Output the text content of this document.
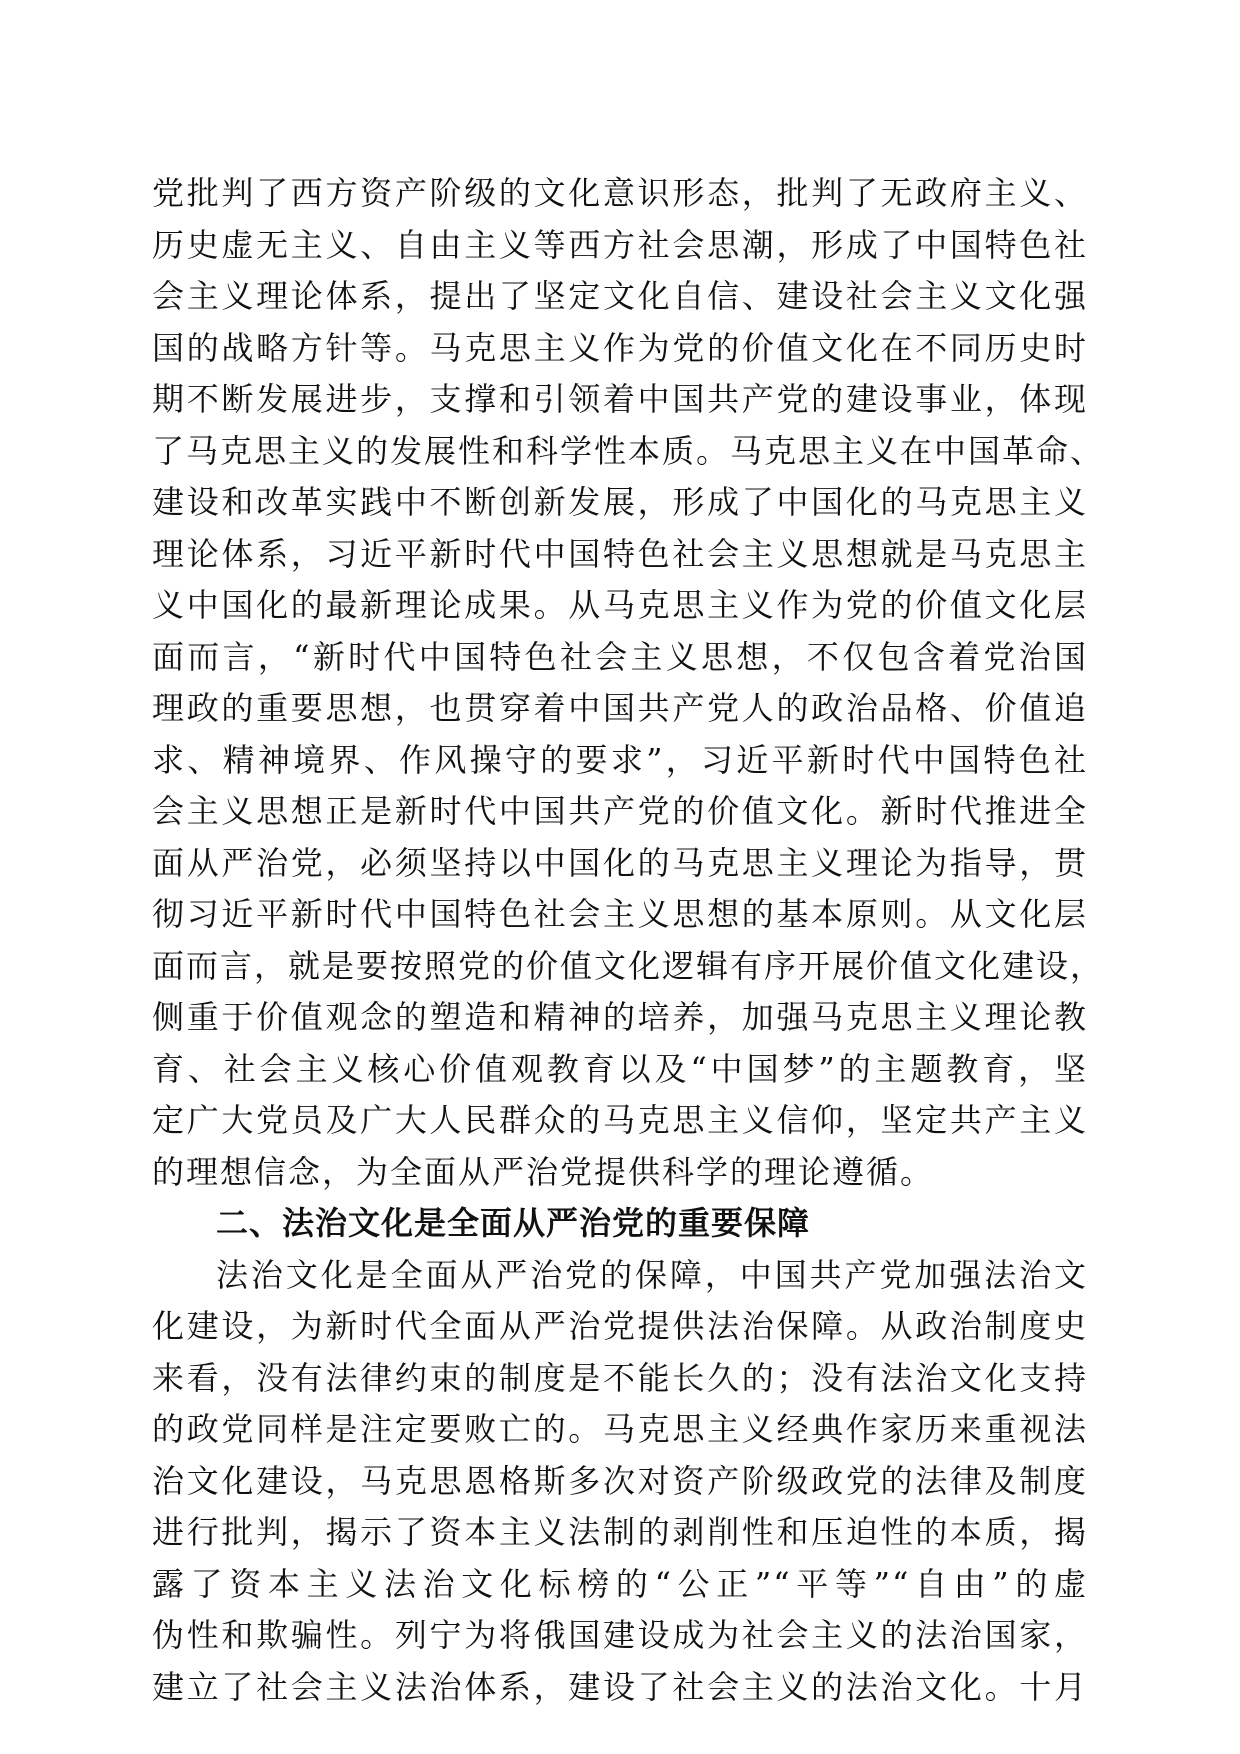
党批判了西方资产阶级的文化意识形态，批判了无政府主义、
历史虚无主义、自由主义等西方社会思潮，形成了中国特色社
会主义理论体系，提出了坚定文化自信、建设社会主义文化强
国的战略方针等。马克思主义作为党的价值文化在不同历史时
期不断发展进步，支撑和引领着中国共产党的建设事业，体现
了马克思主义的发展性和科学性本质。马克思主义在中国革命、
建设和改革实践中不断创新发展，形成了中国化的马克思主义
理论体系，习近平新时代中国特色社会主义思想就是马克思主
义中国化的最新理论成果。从马克思主义作为党的价值文化层
面而言，“新时代中国特色社会主义思想，不仅包含着党治国
理政的重要思想，也贯穿着中国共产党人的政治品格、价值追
求、精神境界、作风操守的要求”，习近平新时代中国特色社
会主义思想正是新时代中国共产党的价值文化。新时代推进全
面从严治党，必须坚持以中国化的马克思主义理论为指导，贯
彻习近平新时代中国特色社会主义思想的基本原则。从文化层
面而言，就是要按照党的价值文化逻辑有序开展价值文化建设，
侧重于价值观念的塑造和精神的培养，加强马克思主义理论教
育、社会主义核心价值观教育以及“中国梦”的主题教育，坚
定广大党员及广大人民群众的马克思主义信仰，坚定共产主义
的理想信念，为全面从严治党提供科学的理论遵循。
二、法治文化是全面从严治党的重要保障
法治文化是全面从严治党的保障，中国共产党加强法治文
化建设，为新时代全面从严治党提供法治保障。从政治制度史
来看，没有法律约束的制度是不能长久的；没有法治文化支持
的政党同样是注定要败亡的。马克思主义经典作家历来重视法
治文化建设，马克思恩格斯多次对资产阶级政党的法律及制度
进行批判，揭示了资本主义法制的剥削性和压迫性的本质，揭
露了资本主义法治文化标榜的“公正”“平等”“自由”的虚
伪性和欺骗性。列宁为将俄国建设成为社会主义的法治国家，
建立了社会主义法治体系，建设了社会主义的法治文化。十月
